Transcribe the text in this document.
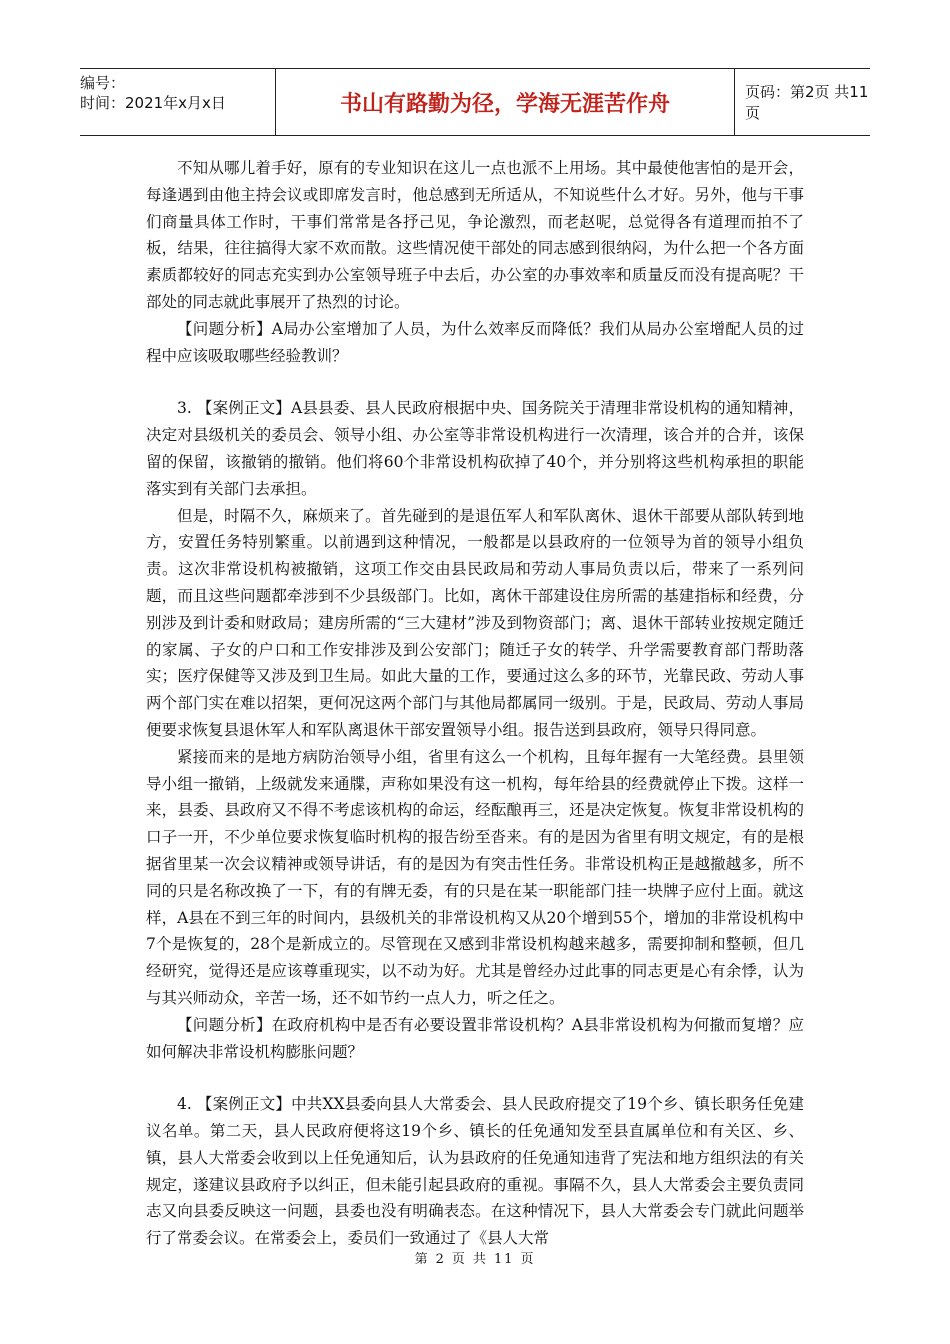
编号：
时间：2021年x月x日	书山有路勤为径，学海无涯苦作舟	页码：第2页 共11页

不知从哪儿着手好，原有的专业知识在这儿一点也派不上用场。其中最使他害怕的是开会，每逢遇到由他主持会议或即席发言时，他总感到无所适从，不知说些什么才好。另外，他与干事们商量具体工作时，干事们常常是各抒己见，争论激烈，而老赵呢，总觉得各有道理而拍不了板，结果，往往搞得大家不欢而散。这些情况使干部处的同志感到很纳闷，为什么把一个各方面素质都较好的同志充实到办公室领导班子中去后，办公室的办事效率和质量反而没有提高呢？干部处的同志就此事展开了热烈的讨论。

【问题分析】A局办公室增加了人员，为什么效率反而降低？我们从局办公室增配人员的过程中应该吸取哪些经验教训？

3. 【案例正文】A县县委、县人民政府根据中央、国务院关于清理非常设机构的通知精神，决定对县级机关的委员会、领导小组、办公室等非常设机构进行一次清理，该合并的合并，该保留的保留，该撤销的撤销。他们将60个非常设机构砍掉了40个，并分别将这些机构承担的职能落实到有关部门去承担。

但是，时隔不久，麻烦来了。首先碰到的是退伍军人和军队离休、退休干部要从部队转到地方，安置任务特别繁重。以前遇到这种情况，一般都是以县政府的一位领导为首的领导小组负责。这次非常设机构被撤销，这项工作交由县民政局和劳动人事局负责以后，带来了一系列问题，而且这些问题都牵涉到不少县级部门。比如，离休干部建设住房所需的基建指标和经费，分别涉及到计委和财政局；建房所需的“三大建材”涉及到物资部门；离、退休干部转业按规定随迁的家属、子女的户口和工作安排涉及到公安部门；随迁子女的转学、升学需要教育部门帮助落实；医疗保健等又涉及到卫生局。如此大量的工作，要通过这么多的环节，光靠民政、劳动人事两个部门实在难以招架，更何况这两个部门与其他局都属同一级别。于是，民政局、劳动人事局便要求恢复县退休军人和军队离退休干部安置领导小组。报告送到县政府，领导只得同意。

紧接而来的是地方病防治领导小组，省里有这么一个机构，且每年握有一大笔经费。县里领导小组一撤销，上级就发来通牒，声称如果没有这一机构，每年给县的经费就停止下拨。这样一来，县委、县政府又不得不考虑该机构的命运，经酝酿再三，还是决定恢复。恢复非常设机构的口子一开，不少单位要求恢复临时机构的报告纷至沓来。有的是因为省里有明文规定，有的是根据省里某一次会议精神或领导讲话，有的是因为有突击性任务。非常设机构正是越撤越多，所不同的只是名称改换了一下，有的有牌无委，有的只是在某一职能部门挂一块牌子应付上面。就这样，A县在不到三年的时间内，县级机关的非常设机构又从20个增到55个，增加的非常设机构中7个是恢复的，28个是新成立的。尽管现在又感到非常设机构越来越多，需要抑制和整顿，但几经研究，觉得还是应该尊重现实，以不动为好。尤其是曾经办过此事的同志更是心有余悸，认为与其兴师动众，辛苦一场，还不如节约一点人力，听之任之。

【问题分析】在政府机构中是否有必要设置非常设机构？A县非常设机构为何撤而复增？应如何解决非常设机构膨胀问题？

4. 【案例正文】中共XX县委向县人大常委会、县人民政府提交了19个乡、镇长职务任免建议名单。第二天，县人民政府便将这19个乡、镇长的任免通知发至县直属单位和有关区、乡、镇，县人大常委会收到以上任免通知后，认为县政府的任免通知违背了宪法和地方组织法的有关规定，遂建议县政府予以纠正，但未能引起县政府的重视。事隔不久，县人大常委会主要负责同志又向县委反映这一问题，县委也没有明确表态。在这种情况下，县人大常委会专门就此问题举行了常委会议。在常委会上，委员们一致通过了《县人大常

第 2 页 共 11 页
